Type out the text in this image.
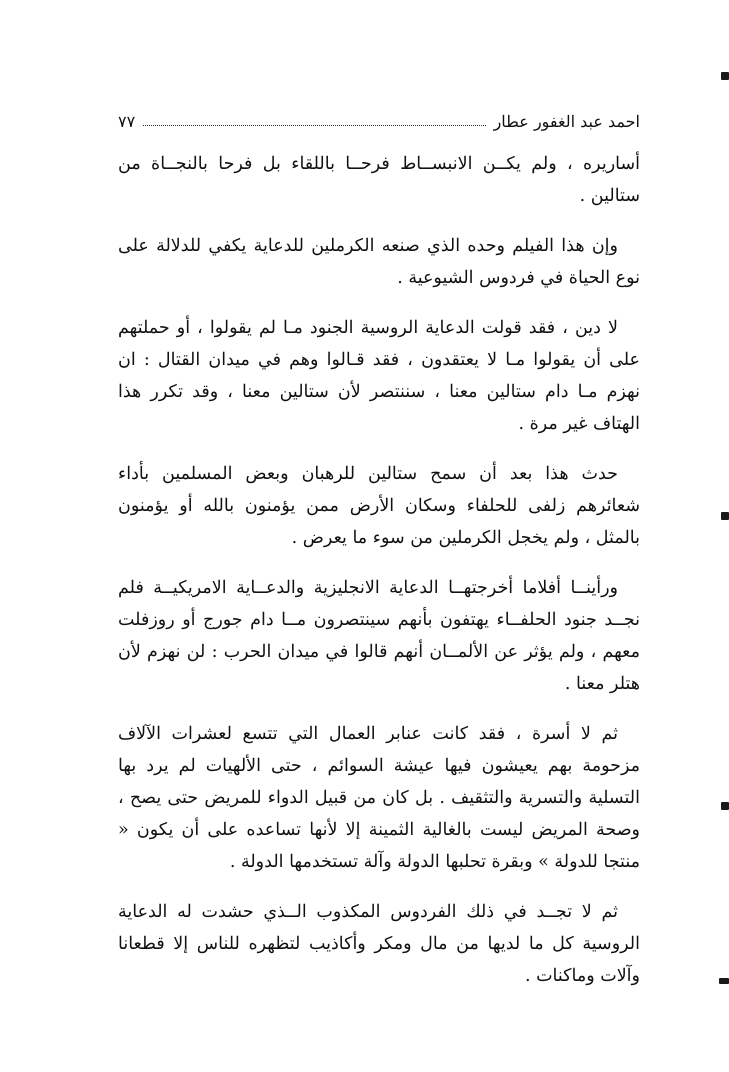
احمد عبد الغفور عطار
٧٧

أساريره ، ولم يكــن الانبســاط فرحــا باللقاء بل فرحا بالنجــاة من ستالين .

وإن هذا الفيلم وحده الذي صنعه الكرملين للدعاية يكفي للدلالة على نوع الحياة في فردوس الشيوعية .

لا دين ، فقد قولت الدعاية الروسية الجنود مـا لم يقولوا ، أو حملتهم على أن يقولوا مـا لا يعتقدون ، فقد قـالوا وهم في ميدان القتال : ان نهزم مـا دام ستالين معنا ، سننتصر لأن ستالين معنا ، وقد تكرر هذا الهتاف غير مرة .

حدث هذا بعد أن سمح ستالين للرهبان وبعض المسلمين بأداء شعائرهم زلفى للحلفاء وسكان الأرض ممن يؤمنون بالله أو يؤمنون بالمثل ، ولم يخجل الكرملين من سوء ما يعرض .

ورأينــا أفلاما أخرجتهــا الدعاية الانجليزية والدعــاية الامريكيــة فلم نجــد جنود الحلفــاء يهتفون بأنهم سينتصرون مــا دام جورج أو روزفلت معهم ، ولم يؤثر عن الألمــان أنهم قالوا في ميدان الحرب : لن نهزم لأن هتلر معنا .

ثم لا أسرة ، فقد كانت عنابر العمال التي تتسع لعشرات الآلاف مزحومة بهم يعيشون فيها عيشة السوائم ، حتى الألهيات لم يرد بها التسلية والتسرية والتثقيف . بل كان من قبيل الدواء للمريض حتى يصح ، وصحة المريض ليست بالغالية الثمينة إلا لأنها تساعده على أن يكون « منتجا للدولة » وبقرة تحلبها الدولة وآلة تستخدمها الدولة .

ثم لا تجــد في ذلك الفردوس المكذوب الــذي حشدت له الدعاية الروسية كل ما لديها من مال ومكر وأكاذيب لتظهره للناس إلا قطعانا وآلات وماكنات .
